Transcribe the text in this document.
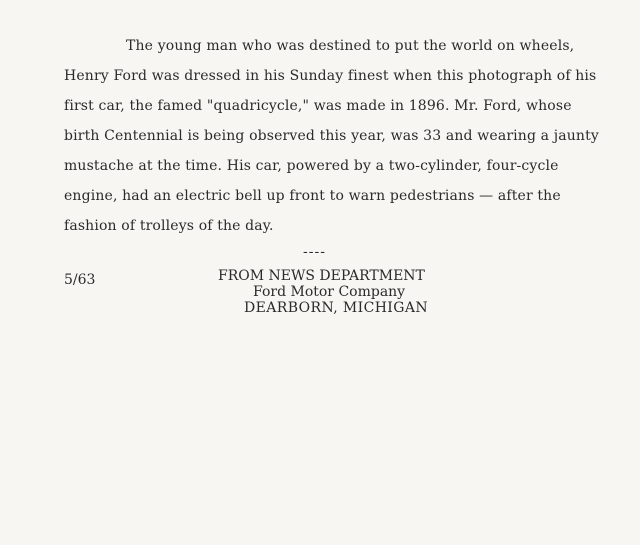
The young man who was destined to put the world on wheels,
Henry Ford was dressed in his Sunday finest when this photograph of his
first car, the famed "quadricycle," was made in 1896. Mr. Ford, whose
birth Centennial is being observed this year, was 33 and wearing a jaunty
mustache at the time. His car, powered by a two-cylinder, four-cycle
engine, had an electric bell up front to warn pedestrians — after the
fashion of trolleys of the day.
----
5/63	FROM NEWS DEPARTMENT
Ford Motor Company
DEARBORN, MICHIGAN
